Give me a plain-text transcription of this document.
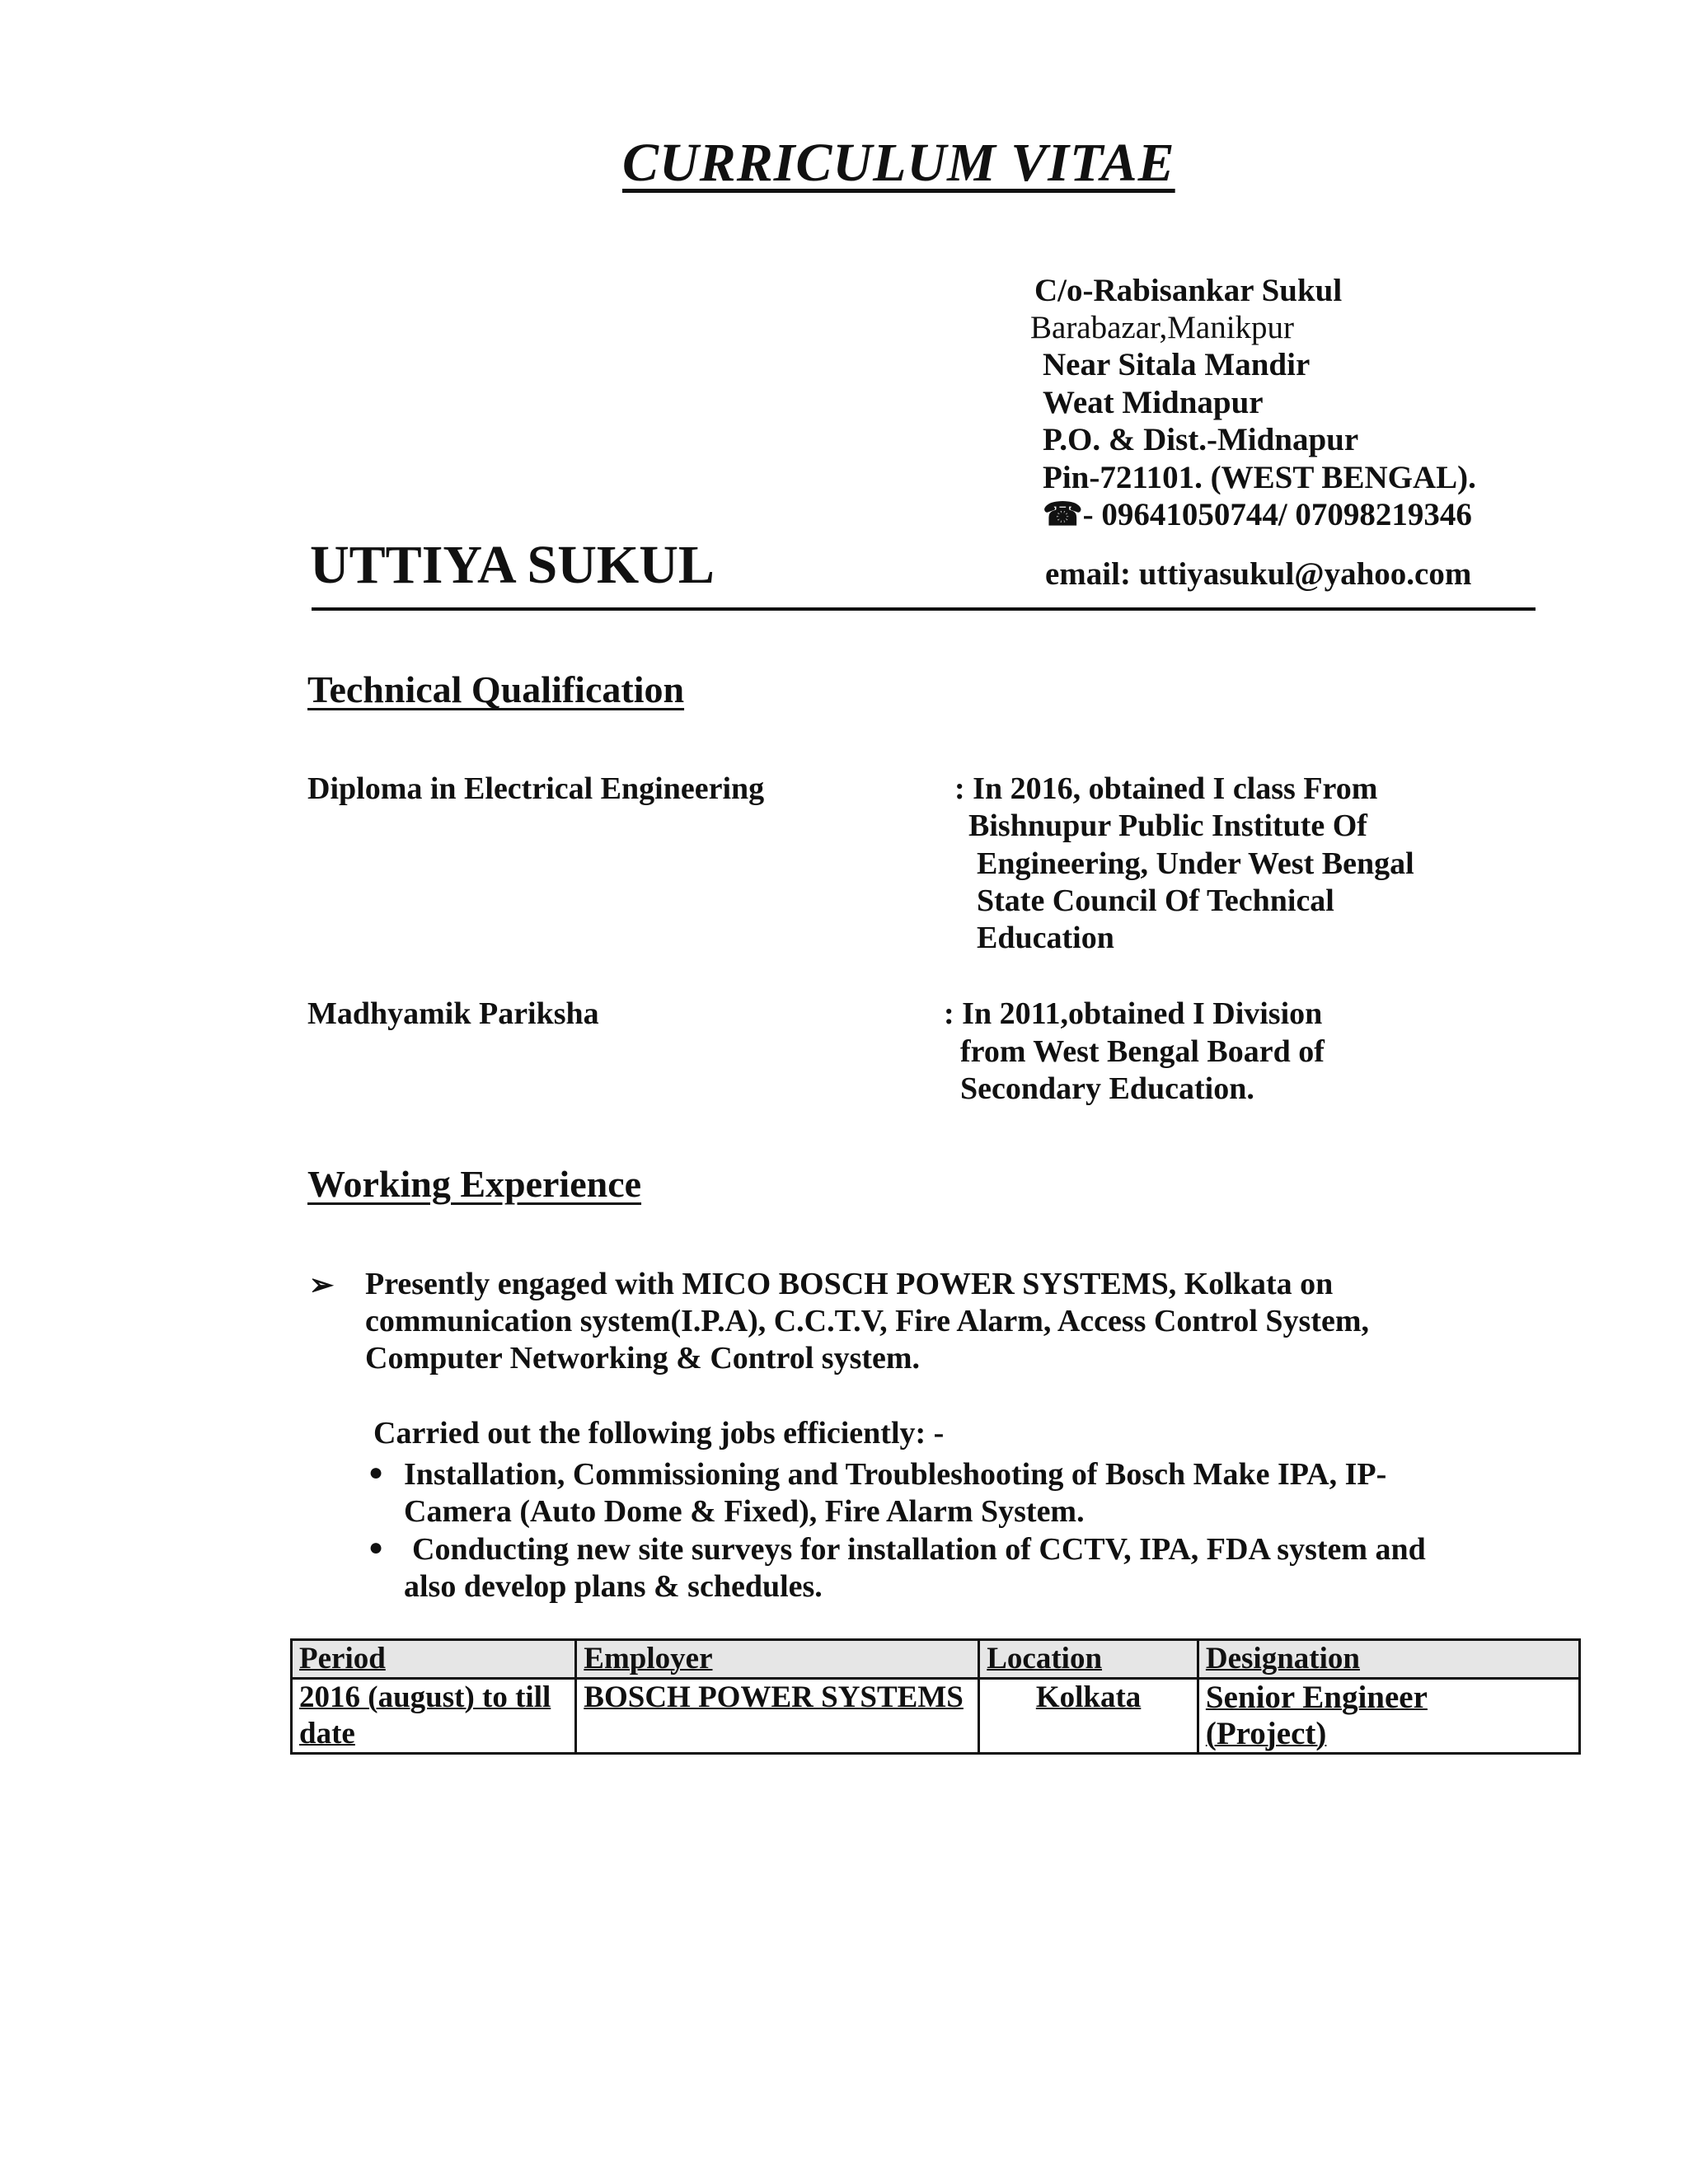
CURRICULUM VITAE
C/o-Rabisankar Sukul
Barabazar,Manikpur
Near Sitala Mandir
Weat Midnapur
P.O. & Dist.-Midnapur
Pin-721101. (WEST BENGAL).
☎- 09641050744/ 07098219346
email: uttiyasukul@yahoo.com
UTTIYA SUKUL
Technical Qualification
Diploma in Electrical Engineering	: In 2016, obtained I class From
Bishnupur Public Institute Of
Engineering, Under West Bengal
State Council Of Technical
Education
Madhyamik Pariksha	: In 2011,obtained I Division
from West Bengal Board of
Secondary Education.
Working Experience
➢ Presently engaged with MICO BOSCH POWER SYSTEMS, Kolkata on
communication system(I.P.A), C.C.T.V, Fire Alarm, Access Control System,
Computer Networking & Control system.
Carried out the following jobs efficiently: -
● Installation, Commissioning and Troubleshooting of Bosch Make IPA, IP-
Camera (Auto Dome & Fixed), Fire Alarm System.
● Conducting new site surveys for installation of CCTV, IPA, FDA system and
also develop plans & schedules.
Period	Employer	Location	Designation
2016 (august) to till
date	BOSCH POWER SYSTEMS	Kolkata	Senior Engineer
(Project)
